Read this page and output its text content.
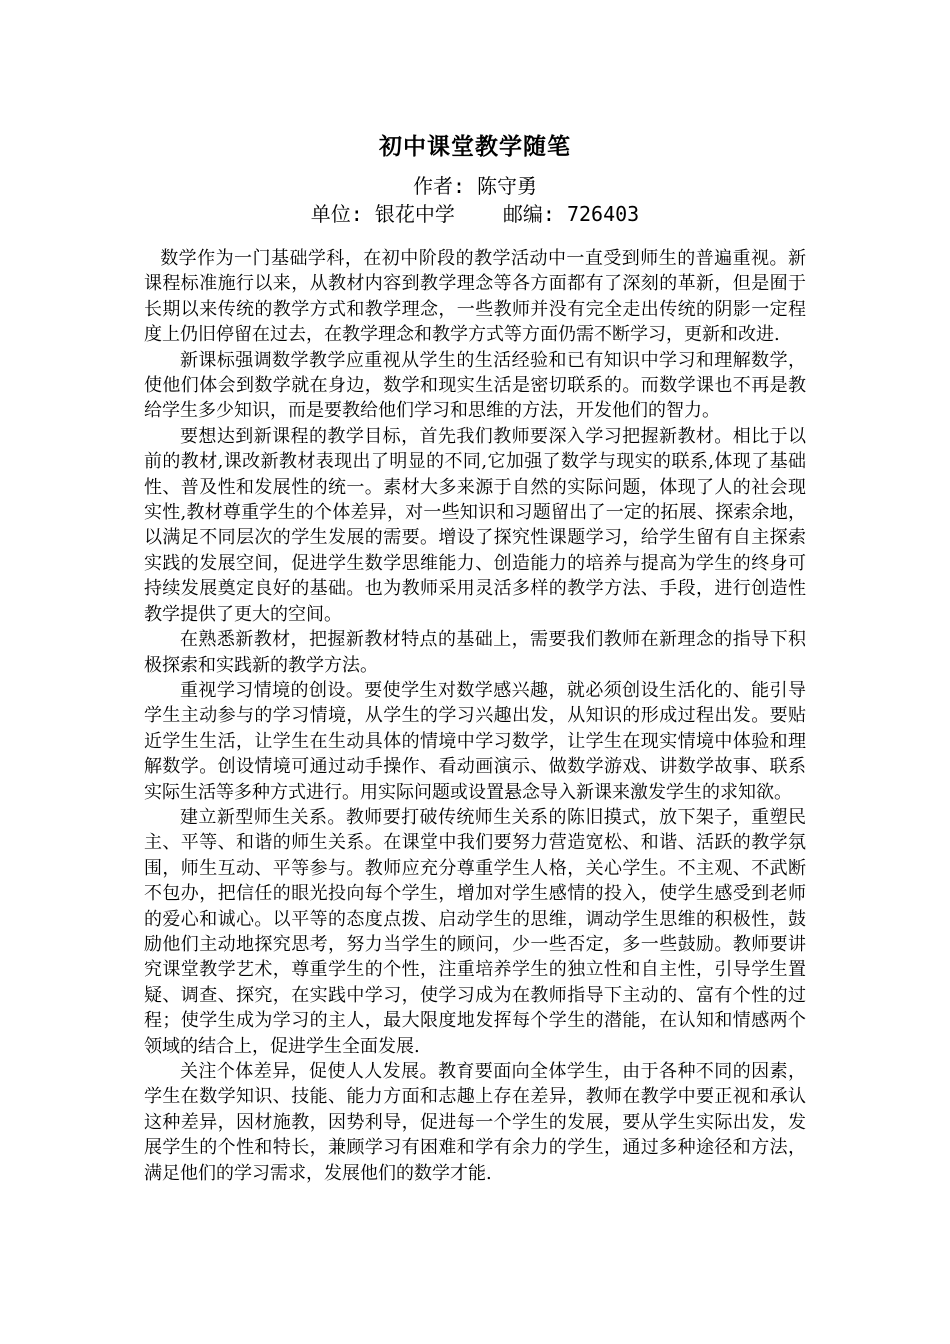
初中课堂教学随笔
作者: 陈守勇
单位: 银花中学 邮编: 726403

数学作为一门基础学科，在初中阶段的教学活动中一直受到师生的普遍重视。新课程标准施行以来，从教材内容到教学理念等各方面都有了深刻的革新，但是囿于长期以来传统的教学方式和教学理念，一些教师并没有完全走出传统的阴影一定程度上仍旧停留在过去，在教学理念和教学方式等方面仍需不断学习，更新和改进.

新课标强调数学教学应重视从学生的生活经验和已有知识中学习和理解数学，使他们体会到数学就在身边，数学和现实生活是密切联系的。而数学课也不再是教给学生多少知识，而是要教给他们学习和思维的方法，开发他们的智力。

要想达到新课程的教学目标，首先我们教师要深入学习把握新教材。相比于以前的教材,课改新教材表现出了明显的不同,它加强了数学与现实的联系,体现了基础性、普及性和发展性的统一。素材大多来源于自然的实际问题，体现了人的社会现实性,教材尊重学生的个体差异，对一些知识和习题留出了一定的拓展、探索余地，以满足不同层次的学生发展的需要。增设了探究性课题学习，给学生留有自主探索实践的发展空间，促进学生数学思维能力、创造能力的培养与提高为学生的终身可持续发展奠定良好的基础。也为教师采用灵活多样的教学方法、手段，进行创造性教学提供了更大的空间。

在熟悉新教材，把握新教材特点的基础上，需要我们教师在新理念的指导下积极探索和实践新的教学方法。

重视学习情境的创设。要使学生对数学感兴趣，就必须创设生活化的、能引导学生主动参与的学习情境，从学生的学习兴趣出发，从知识的形成过程出发。要贴近学生生活，让学生在生动具体的情境中学习数学，让学生在现实情境中体验和理解数学。创设情境可通过动手操作、看动画演示、做数学游戏、讲数学故事、联系实际生活等多种方式进行。用实际问题或设置悬念导入新课来激发学生的求知欲。

建立新型师生关系。教师要打破传统师生关系的陈旧摸式，放下架子，重塑民主、平等、和谐的师生关系。在课堂中我们要努力营造宽松、和谐、活跃的教学氛围，师生互动、平等参与。教师应充分尊重学生人格，关心学生。不主观、不武断不包办，把信任的眼光投向每个学生，增加对学生感情的投入，使学生感受到老师的爱心和诚心。以平等的态度点拨、启动学生的思维，调动学生思维的积极性，鼓励他们主动地探究思考，努力当学生的顾问，少一些否定，多一些鼓励。教师要讲究课堂教学艺术，尊重学生的个性，注重培养学生的独立性和自主性，引导学生置疑、调查、探究，在实践中学习，使学习成为在教师指导下主动的、富有个性的过程；使学生成为学习的主人，最大限度地发挥每个学生的潜能，在认知和情感两个领域的结合上，促进学生全面发展.

关注个体差异，促使人人发展。教育要面向全体学生，由于各种不同的因素，学生在数学知识、技能、能力方面和志趣上存在差异，教师在教学中要正视和承认这种差异，因材施教，因势利导，促进每一个学生的发展，要从学生实际出发，发展学生的个性和特长，兼顾学习有困难和学有余力的学生，通过多种途径和方法，满足他们的学习需求，发展他们的数学才能.
